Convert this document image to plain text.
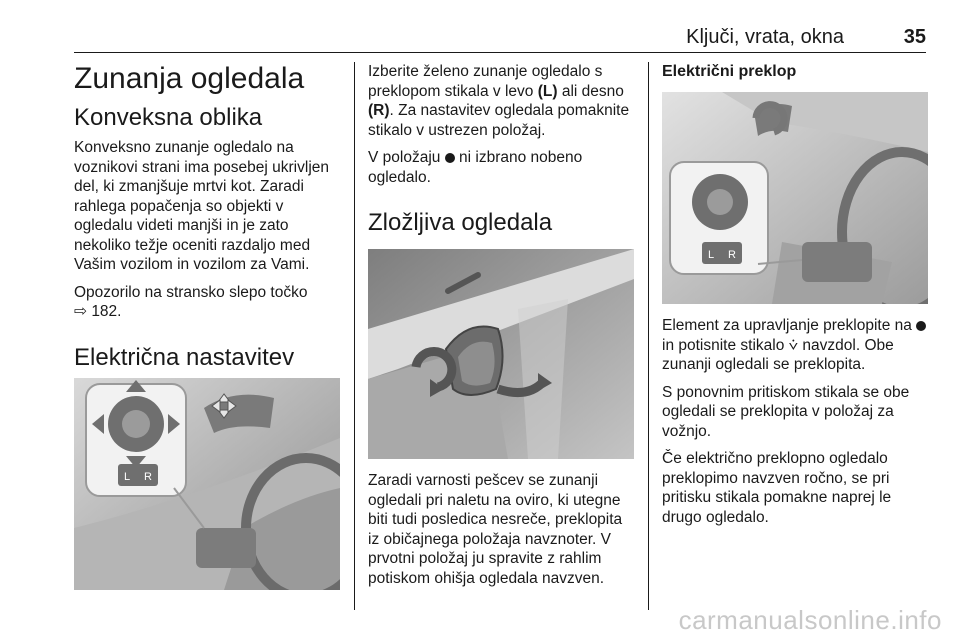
Ključi, vrata, okna	35
Zunanja ogledala
Konveksna oblika

Konveksno zunanje ogledalo na voznikovi strani ima posebej ukrivljen del, ki zmanjšuje mrtvi kot. Zaradi rahlega popačenja so objekti v ogledalu videti manjši in je zato nekoliko težje oceniti razdaljo med Vašim vozilom in vozilom za Vami.

Opozorilo na stransko slepo točko
⇨ 182.

Električna nastavitev
L R

Izberite želeno zunanje ogledalo s preklopom stikala v levo (L) ali desno (R). Za nastavitev ogledala pomaknite stikalo v ustrezen položaj.

V položaju  ni izbrano nobeno ogledalo.

Zložljiva ogledala

Zaradi varnosti pešcev se zunanji ogledali pri naletu na oviro, ki utegne biti tudi posledica nesreče, preklopita iz običajnega položaja navznoter. V prvotni položaj ju spravite z rahlim potiskom ohišja ogledala navzven.

Električni preklop
L R

Element za upravljanje preklopite na  in potisnite stikalo ⩒ navzdol. Obe zunanji ogledali se preklopita.

S ponovnim pritiskom stikala se obe ogledali se preklopita v položaj za vožnjo.

Če električno preklopno ogledalo preklopimo navzven ročno, se pri pritisku stikala pomakne naprej le drugo ogledalo.

carmanualsonline.info
